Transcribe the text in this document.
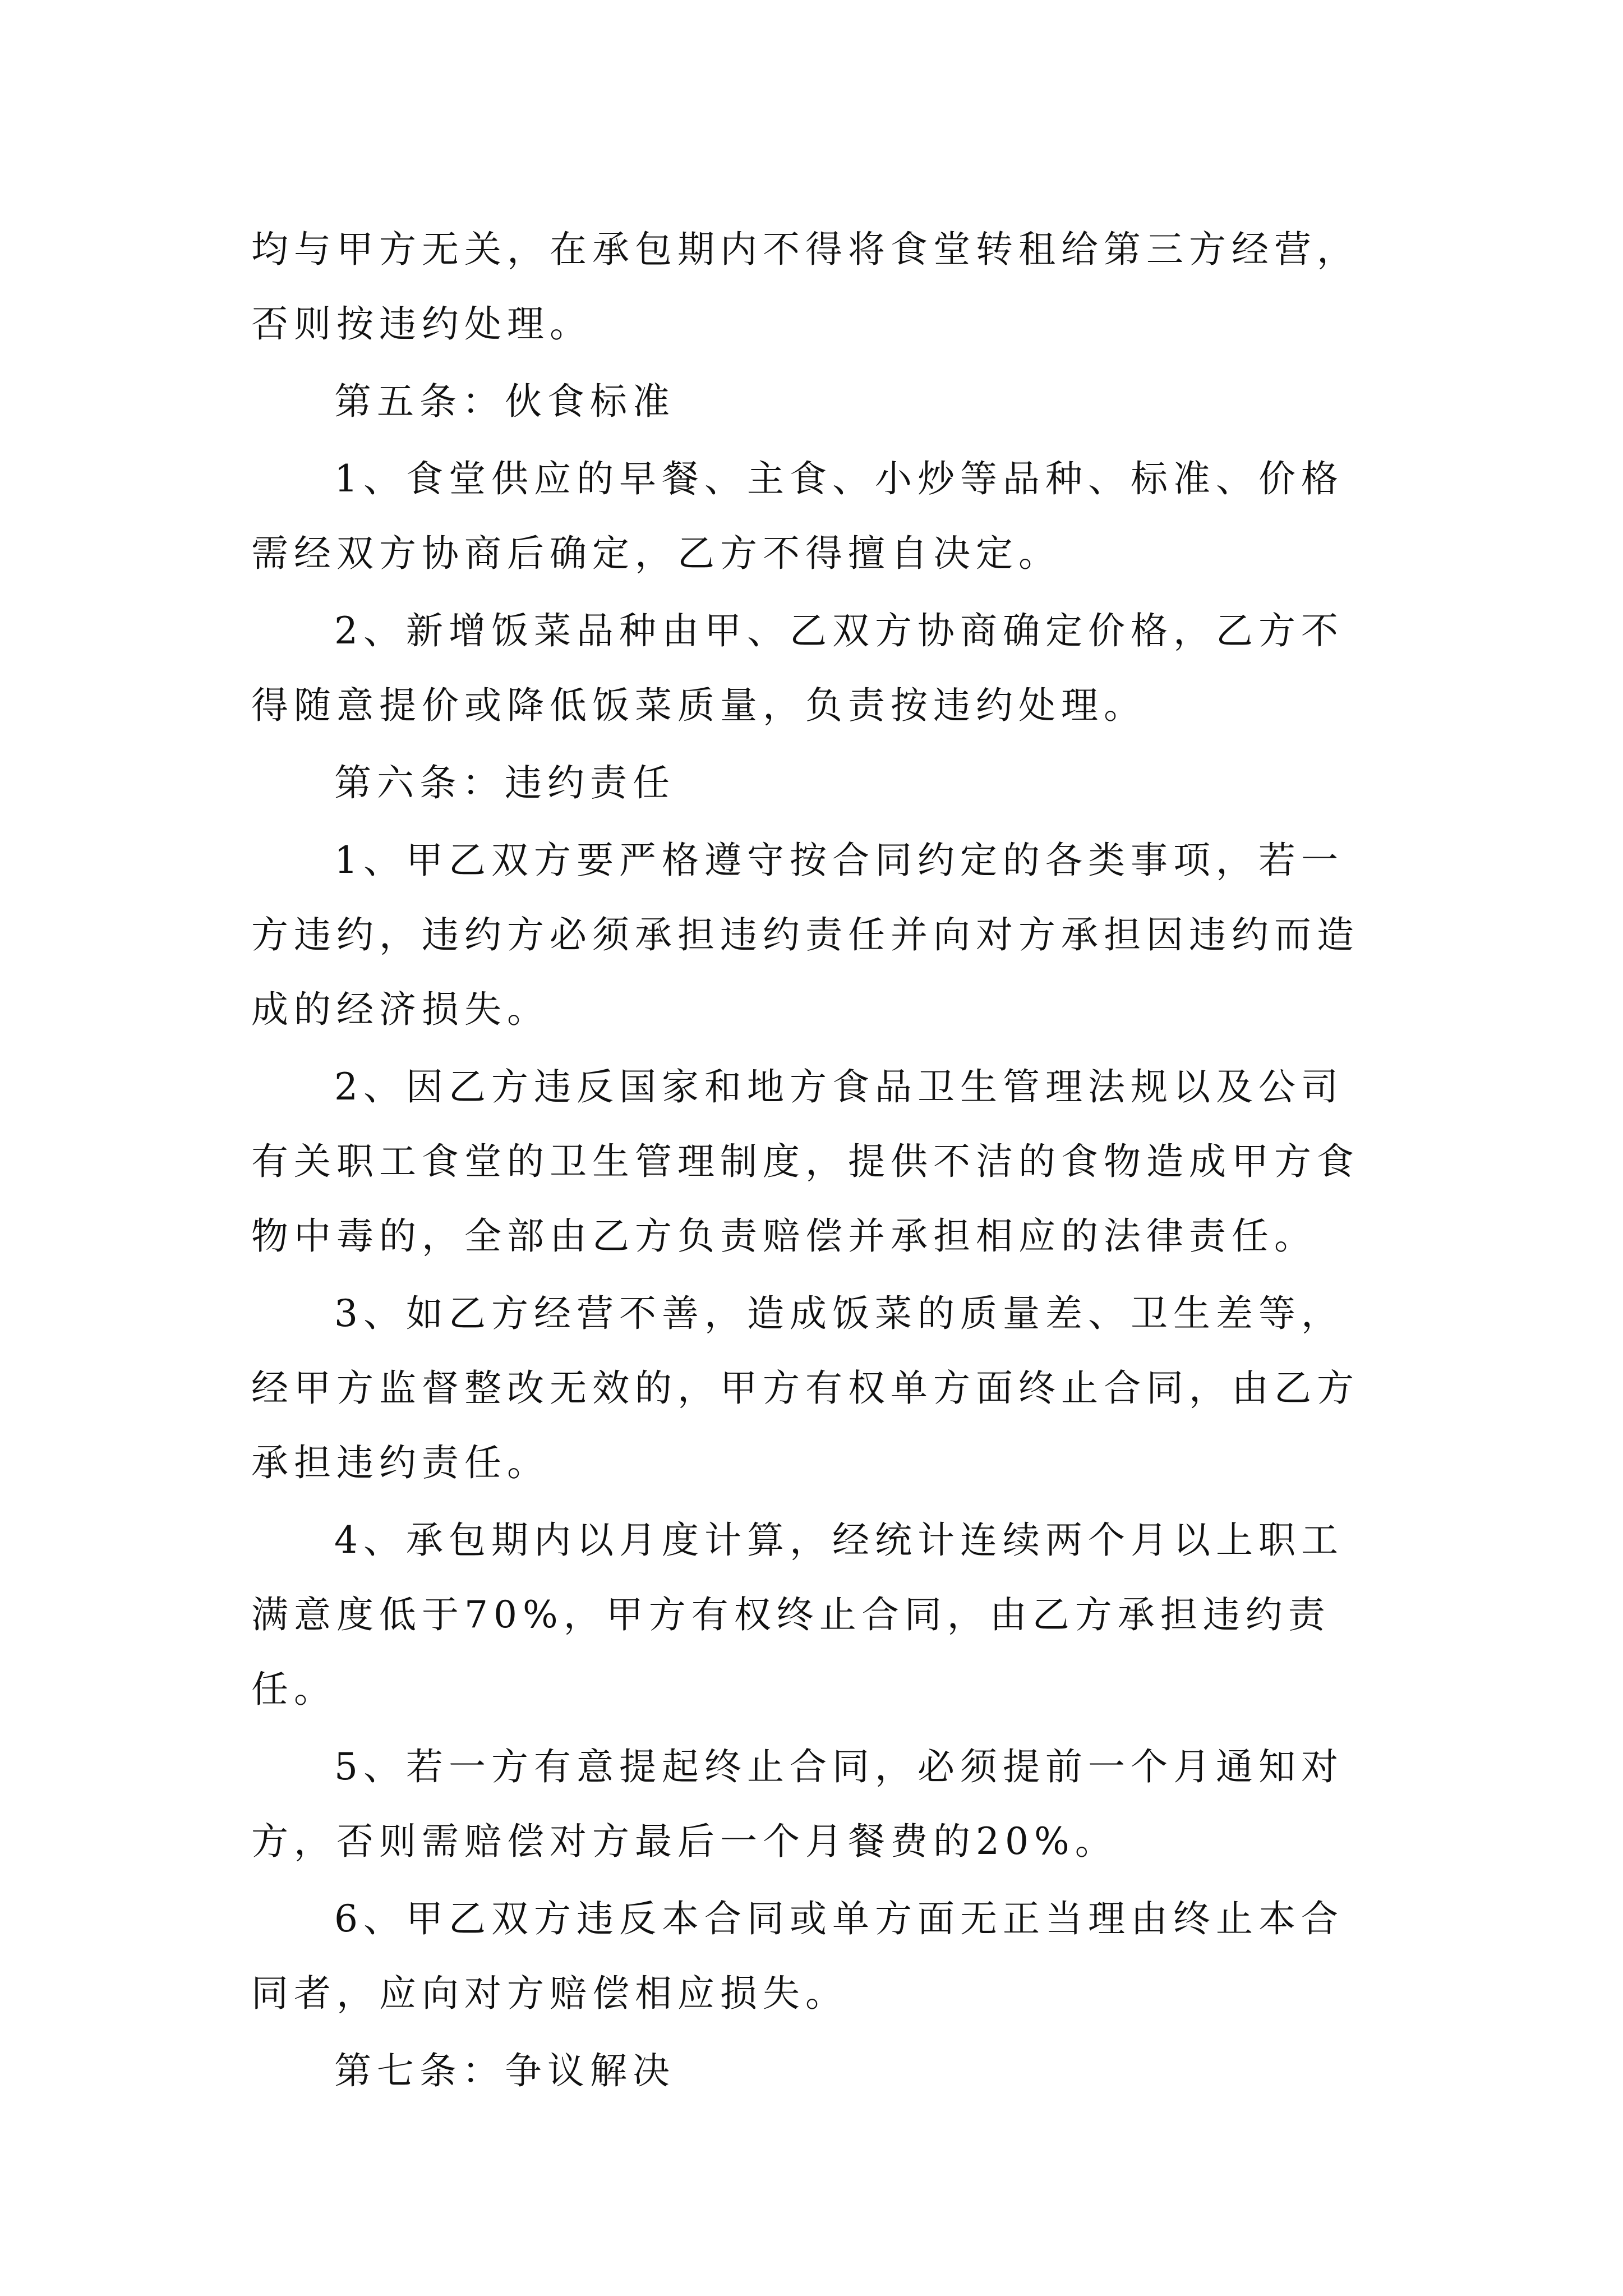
均与甲方无关，在承包期内不得将食堂转租给第三方经营，否则按违约处理。

第五条：伙食标准

1、食堂供应的早餐、主食、小炒等品种、标准、价格需经双方协商后确定，乙方不得擅自决定。

2、新增饭菜品种由甲、乙双方协商确定价格，乙方不得随意提价或降低饭菜质量，负责按违约处理。

第六条：违约责任

1、甲乙双方要严格遵守按合同约定的各类事项，若一方违约，违约方必须承担违约责任并向对方承担因违约而造成的经济损失。

2、因乙方违反国家和地方食品卫生管理法规以及公司有关职工食堂的卫生管理制度，提供不洁的食物造成甲方食物中毒的，全部由乙方负责赔偿并承担相应的法律责任。

3、如乙方经营不善，造成饭菜的质量差、卫生差等，经甲方监督整改无效的，甲方有权单方面终止合同，由乙方承担违约责任。

4、承包期内以月度计算，经统计连续两个月以上职工满意度低于70%，甲方有权终止合同，由乙方承担违约责任。

5、若一方有意提起终止合同，必须提前一个月通知对方，否则需赔偿对方最后一个月餐费的20%。

6、甲乙双方违反本合同或单方面无正当理由终止本合同者，应向对方赔偿相应损失。

第七条：争议解决
